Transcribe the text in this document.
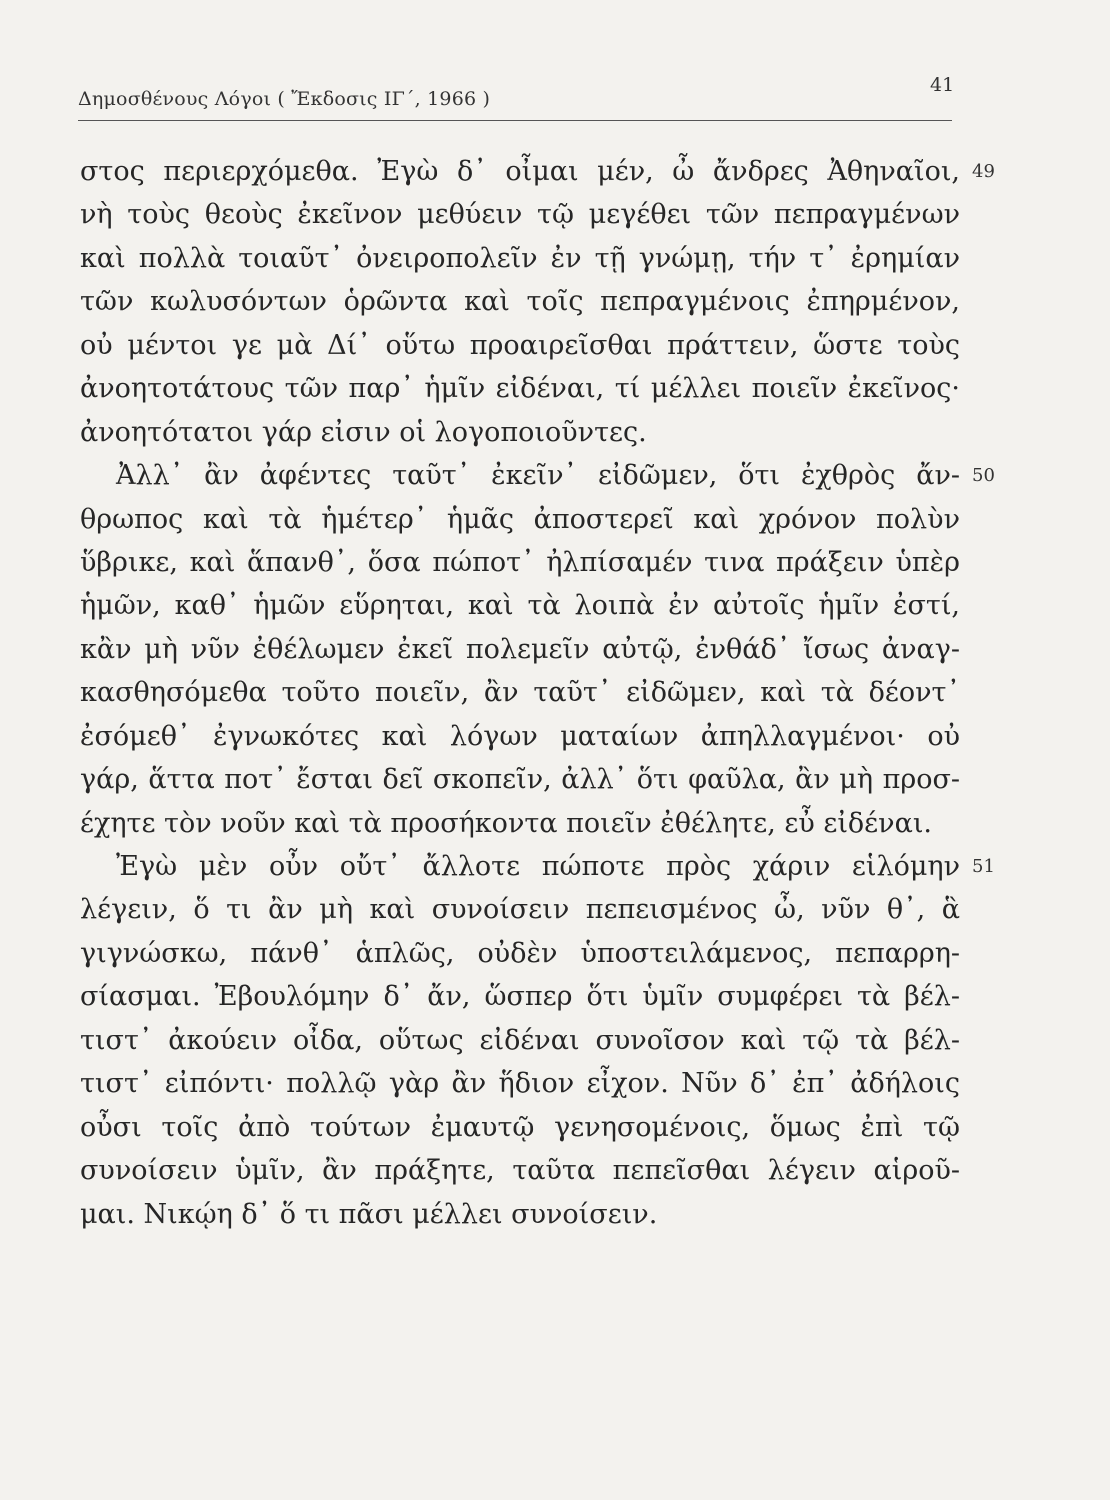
Δημοσθένους Λόγοι ( Ἔκδοσις ΙΓ΄, 1966 )
41
στος περιερχόμεθα. Ἐγὼ δ᾽ οἶμαι μέν, ὦ ἄνδρες Ἀθηναῖοι, 49
νὴ τοὺς θεοὺς ἐκεῖνον μεθύειν τῷ μεγέθει τῶν πεπραγμένων
καὶ πολλὰ τοιαῦτ᾽ ὀνειροπολεῖν ἐν τῇ γνώμῃ, τήν τ᾽ ἐρημίαν
τῶν κωλυσόντων ὁρῶντα καὶ τοῖς πεπραγμένοις ἐπηρμένον,
οὐ μέντοι γε μὰ Δί᾽ οὕτω προαιρεῖσθαι πράττειν, ὥστε τοὺς
ἀνοητοτάτους τῶν παρ᾽ ἡμῖν εἰδέναι, τί μέλλει ποιεῖν ἐκεῖνος·
ἀνοητότατοι γάρ εἰσιν οἱ λογοποιοῦντες.
Ἀλλ᾽ ἂν ἀφέντες ταῦτ᾽ ἐκεῖν᾽ εἰδῶμεν, ὅτι ἐχθρὸς ἄν- 50
θρωπος καὶ τὰ ἡμέτερ᾽ ἡμᾶς ἀποστερεῖ καὶ χρόνον πολὺν
ὕβρικε, καὶ ἅπανθ᾽, ὅσα πώποτ᾽ ἠλπίσαμέν τινα πράξειν ὑπὲρ
ἡμῶν, καθ᾽ ἡμῶν εὕρηται, καὶ τὰ λοιπὰ ἐν αὐτοῖς ἡμῖν ἐστί,
κἂν μὴ νῦν ἐθέλωμεν ἐκεῖ πολεμεῖν αὐτῷ, ἐνθάδ᾽ ἴσως ἀναγ-
κασθησόμεθα τοῦτο ποιεῖν, ἂν ταῦτ᾽ εἰδῶμεν, καὶ τὰ δέοντ᾽
ἐσόμεθ᾽ ἐγνωκότες καὶ λόγων ματαίων ἀπηλλαγμένοι· οὐ
γάρ, ἅττα ποτ᾽ ἔσται δεῖ σκοπεῖν, ἀλλ᾽ ὅτι φαῦλα, ἂν μὴ προσ-
έχητε τὸν νοῦν καὶ τὰ προσήκοντα ποιεῖν ἐθέλητε, εὖ εἰδέναι.
Ἐγὼ μὲν οὖν οὔτ᾽ ἄλλοτε πώποτε πρὸς χάριν εἱλόμην 51
λέγειν, ὅ τι ἂν μὴ καὶ συνοίσειν πεπεισμένος ὦ, νῦν θ᾽, ἃ
γιγνώσκω, πάνθ᾽ ἁπλῶς, οὐδὲν ὑποστειλάμενος, πεπαρρη-
σίασμαι. Ἐβουλόμην δ᾽ ἄν, ὥσπερ ὅτι ὑμῖν συμφέρει τὰ βέλ-
τιστ᾽ ἀκούειν οἶδα, οὕτως εἰδέναι συνοῖσον καὶ τῷ τὰ βέλ-
τιστ᾽ εἰπόντι· πολλῷ γὰρ ἂν ἥδιον εἶχον. Νῦν δ᾽ ἐπ᾽ ἀδήλοις
οὖσι τοῖς ἀπὸ τούτων ἐμαυτῷ γενησομένοις, ὅμως ἐπὶ τῷ
συνοίσειν ὑμῖν, ἂν πράξητε, ταῦτα πεπεῖσθαι λέγειν αἱροῦ-
μαι. Νικῴη δ᾽ ὅ τι πᾶσι μέλλει συνοίσειν.
